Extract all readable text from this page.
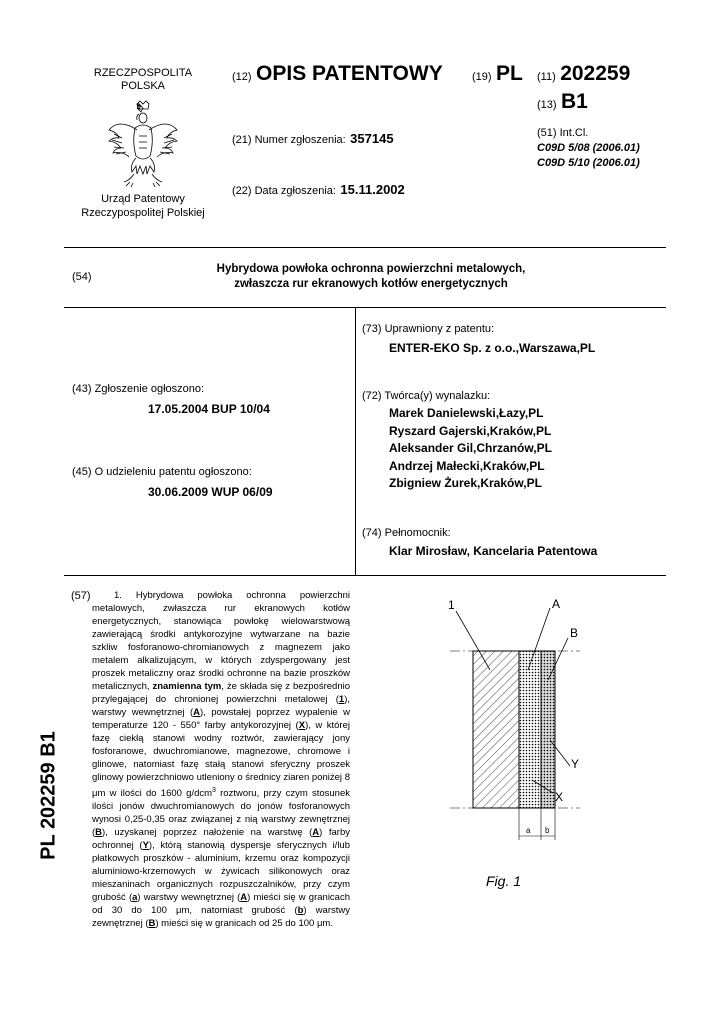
RZECZPOSPOLITA
POLSKA
Urząd Patentowy
Rzeczypospolitej Polskiej
(12) OPIS PATENTOWY	(19) PL (11) 202259
(13) B1
(21) Numer zgłoszenia: 357145
(22) Data zgłoszenia: 15.11.2002
(51) Int.Cl.
C09D 5/08 (2006.01)
C09D 5/10 (2006.01)
(54)
Hybrydowa powłoka ochronna powierzchni metalowych,
zwłaszcza rur ekranowych kotłów energetycznych
(43) Zgłoszenie ogłoszono:
17.05.2004 BUP 10/04
(45) O udzieleniu patentu ogłoszono:
30.06.2009 WUP 06/09
(73) Uprawniony z patentu:
ENTER-EKO Sp. z o.o.,Warszawa,PL
(72) Twórca(y) wynalazku:
Marek Danielewski,Łazy,PL
Ryszard Gajerski,Kraków,PL
Aleksander Gil,Chrzanów,PL
Andrzej Małecki,Kraków,PL
Zbigniew Żurek,Kraków,PL
(74) Pełnomocnik:
Klar Mirosław, Kancelaria Patentowa
PL 202259 B1
(57)	1. Hybrydowa powłoka ochronna powierzchni metalowych, zwłaszcza rur ekranowych kotłów energetycznych, stanowiąca powłokę wielowarstwową zawierającą środki antykorozyjne wytwarzane na bazie szkliw fosforanowo-chromianowych z magnezem jako metalem alkalizującym, w których zdyspergowany jest proszek metaliczny oraz środki ochronne na bazie proszków metalicznych, znamienna tym, że składa się z bezpośrednio przylegającej do chronionej powierzchni metalowej (1), warstwy wewnętrznej (A), powstałej poprzez wypalenie w temperaturze 120 - 550° farby antykorozyjnej (X), w której fazę ciekłą stanowi wodny roztwór, zawierający jony fosforanowe, dwuchromianowe, magnezowe, chromowe i glinowe, natomiast fazę stałą stanowi sferyczny proszek glinowy powierzchniowo utleniony o średnicy ziaren poniżej 8 μm w ilości do 1600 g/dcm$^3$ roztworu, przy czym stosunek ilości jonów dwuchromianowych do jonów fosforanowych wynosi 0,25-0,35 oraz związanej z nią warstwy zewnętrznej (B), uzyskanej poprzez nałożenie na warstwę (A) farby ochronnej (Y), którą stanowią dyspersje sferycznych i/lub płatkowych proszków - aluminium, krzemu oraz kompozycji aluminiowo-krzemowych w żywicach silikonowych oraz mieszaninach organicznych rozpuszczalników, przy czym grubość (a) warstwy wewnętrznej (A) mieści się w granicach od 30 do 100 μm, natomiast grubość (b) warstwy zewnętrznej (B) mieści się w granicach od 25 do 100 μm.

1	A
B
Y
X
a b
Fig. 1
